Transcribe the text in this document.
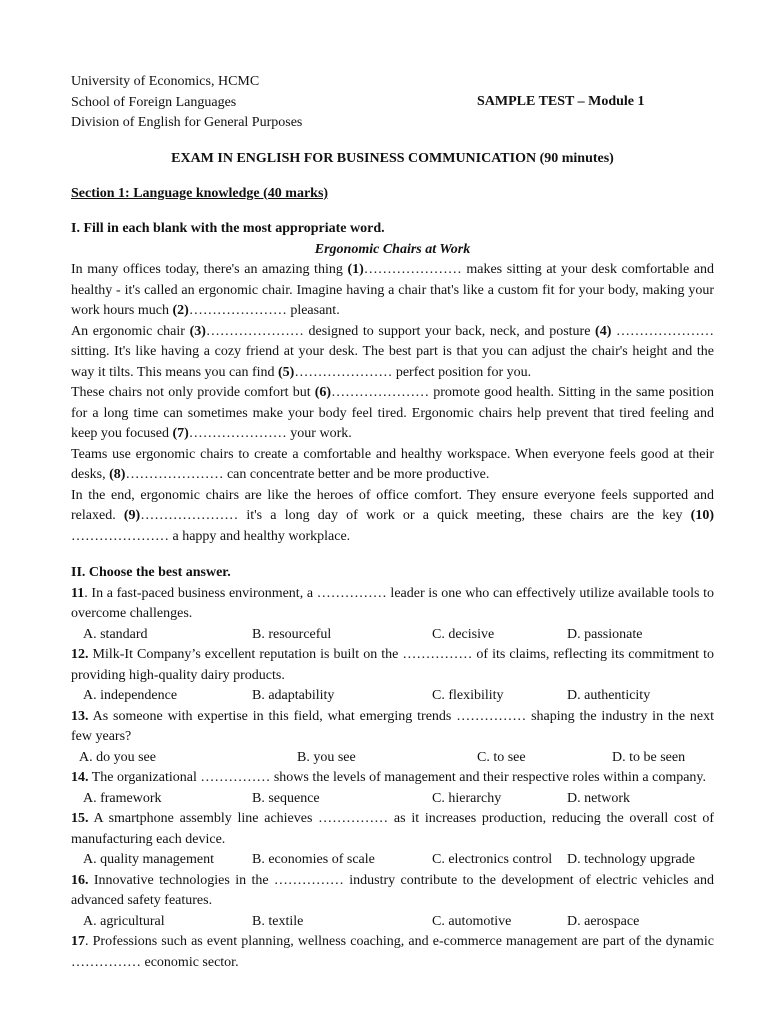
University of Economics, HCMC
School of Foreign Languages
Division of English for General Purposes
SAMPLE TEST – Module 1
EXAM IN ENGLISH FOR BUSINESS COMMUNICATION (90 minutes)
Section 1: Language knowledge (40 marks)
I. Fill in each blank with the most appropriate word.
Ergonomic Chairs at Work
In many offices today, there's an amazing thing (1)………………… makes sitting at your desk comfortable and healthy - it's called an ergonomic chair. Imagine having a chair that's like a custom fit for your body, making your work hours much (2)………………… pleasant.
An ergonomic chair (3)………………… designed to support your back, neck, and posture (4) ………………… sitting. It's like having a cozy friend at your desk. The best part is that you can adjust the chair's height and the way it tilts. This means you can find (5)………………… perfect position for you.
These chairs not only provide comfort but (6)………………… promote good health. Sitting in the same position for a long time can sometimes make your body feel tired. Ergonomic chairs help prevent that tired feeling and keep you focused (7)………………… your work.
Teams use ergonomic chairs to create a comfortable and healthy workspace. When everyone feels good at their desks, (8)………………… can concentrate better and be more productive.
In the end, ergonomic chairs are like the heroes of office comfort. They ensure everyone feels supported and relaxed. (9)………………… it's a long day of work or a quick meeting, these chairs are the key (10) ………………… a happy and healthy workplace.
II. Choose the best answer.
11. In a fast-paced business environment, a …………… leader is one who can effectively utilize available tools to overcome challenges.
A. standard	B. resourceful	C. decisive	D. passionate
12. Milk-It Company’s excellent reputation is built on the …………… of its claims, reflecting its commitment to providing high-quality dairy products.
A. independence	B. adaptability	C. flexibility	D. authenticity
13. As someone with expertise in this field, what emerging trends …………… shaping the industry in the next few years?
A. do you see	B. you see	C. to see	D. to be seen
14. The organizational …………… shows the levels of management and their respective roles within a company.
A. framework	B. sequence	C. hierarchy	D. network
15. A smartphone assembly line achieves …………… as it increases production, reducing the overall cost of manufacturing each device.
A. quality management	B. economies of scale	C. electronics control D. technology upgrade
16. Innovative technologies in the …………… industry contribute to the development of electric vehicles and advanced safety features.
A. agricultural	B. textile	C. automotive	D. aerospace
17. Professions such as event planning, wellness coaching, and e-commerce management are part of the dynamic …………… economic sector.
